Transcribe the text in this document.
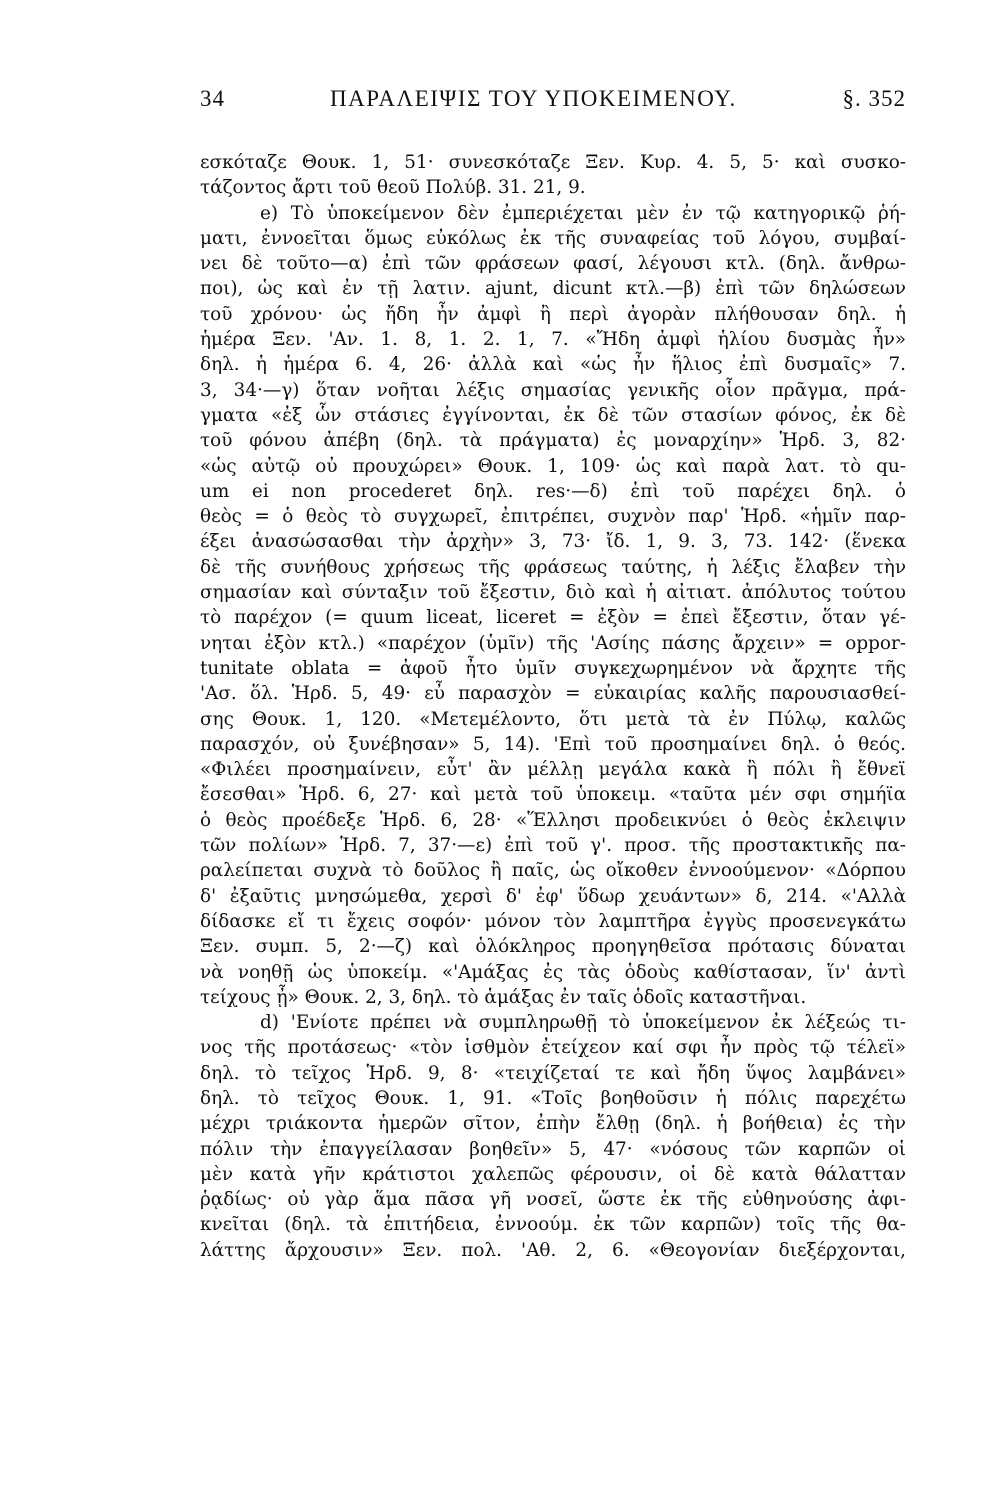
34	ΠΑΡΑΛΕΙΨΙΣ ΤΟΥ ΥΠΟΚΕΙΜΕΝΟΥ.	§. 352
εσκόταζε Θουκ. 1, 51· συνεσκόταζε Ξεν. Κυρ. 4. 5, 5· καὶ συσκο-
τάζοντος ἄρτι τοῦ θεοῦ Πολύβ. 31. 21, 9.
e) Τὸ ὑποκείμενον δὲν ἐμπεριέχεται μὲν ἐν τῷ κατηγορικῷ ῥή-
ματι, ἐννοεῖται ὅμως εὐκόλως ἐκ τῆς συναφείας τοῦ λόγου, συμβαί-
νει δὲ τοῦτο—α) ἐπὶ τῶν φράσεων φασί, λέγουσι κτλ. (δηλ. ἄνθρω-
ποι), ὡς καὶ ἐν τῇ λατιν. ajunt, dicunt κτλ.—β) ἐπὶ τῶν δηλώσεων
τοῦ χρόνου· ὡς ἤδη ἦν ἀμφὶ ἢ περὶ ἀγορὰν πλήθουσαν δηλ. ἡ
ἡμέρα Ξεν. 'Αν. 1. 8, 1. 2. 1, 7. «Ἤδη ἀμφὶ ἡλίου δυσμὰς ἦν»
δηλ. ἡ ἡμέρα 6. 4, 26· ἀλλὰ καὶ «ὡς ἦν ἥλιος ἐπὶ δυσμαῖς» 7.
3, 34·—γ) ὅταν νοῆται λέξις σημασίας γενικῆς οἷον πρᾶγμα, πρά-
γματα «ἐξ ὧν στάσιες ἐγγίνονται, ἐκ δὲ τῶν στασίων φόνος, ἐκ δὲ
τοῦ φόνου ἀπέβη (δηλ. τὰ πράγματα) ἐς μοναρχίην» Ἡρδ. 3, 82·
«ὡς αὐτῷ οὐ προυχώρει» Θουκ. 1, 109· ὡς καὶ παρὰ λατ. τὸ qu-
um ei non procederet δηλ. res·—δ) ἐπὶ τοῦ παρέχει δηλ. ὁ
θεὸς = ὁ θεὸς τὸ συγχωρεῖ, ἐπιτρέπει, συχνὸν παρ' Ἡρδ. «ἡμῖν παρ-
έξει ἀνασώσασθαι τὴν ἀρχὴν» 3, 73· ἴδ. 1, 9. 3, 73. 142· (ἕνεκα
δὲ τῆς συνήθους χρήσεως τῆς φράσεως ταύτης, ἡ λέξις ἔλαβεν τὴν
σημασίαν καὶ σύνταξιν τοῦ ἔξεστιν, διὸ καὶ ἡ αἰτιατ. ἀπόλυτος τούτου
τὸ παρέχον (= quum liceat, liceret = ἐξὸν = ἐπεὶ ἔξεστιν, ὅταν γέ-
νηται ἐξὸν κτλ.) «παρέχον (ὑμῖν) τῆς 'Ασίης πάσης ἄρχειν» = oppor-
tunitate oblata = ἀφοῦ ἦτο ὑμῖν συγκεχωρημένον νὰ ἄρχητε τῆς
'Ασ. ὅλ. Ἡρδ. 5, 49· εὖ παρασχὸν = εὐκαιρίας καλῆς παρουσιασθεί-
σης Θουκ. 1, 120. «Μετεμέλοντο, ὅτι μετὰ τὰ ἐν Πύλῳ, καλῶς
παρασχόν, οὐ ξυνέβησαν» 5, 14). 'Επὶ τοῦ προσημαίνει δηλ. ὁ θεός.
«Φιλέει προσημαίνειν, εὖτ' ἂν μέλλῃ μεγάλα κακὰ ἢ πόλι ἢ ἔθνεϊ
ἔσεσθαι» Ἡρδ. 6, 27· καὶ μετὰ τοῦ ὑποκειμ. «ταῦτα μέν σφι σημήϊα
ὁ θεὸς προέδεξε Ἡρδ. 6, 28· «Ἕλλησι προδεικνύει ὁ θεὸς ἐκλειψιν
τῶν πολίων» Ἡρδ. 7, 37·—ε) ἐπὶ τοῦ γ'. προσ. τῆς προστακτικῆς πα-
ραλείπεται συχνὰ τὸ δοῦλος ἢ παῖς, ὡς οἴκοθεν ἐννοούμενον· «Δόρπου
δ' ἐξαῦτις μνησώμεθα, χερσὶ δ' ἐφ' ὕδωρ χευάντων» δ, 214. «'Αλλὰ
δίδασκε εἴ τι ἔχεις σοφόν· μόνον τὸν λαμπτῆρα ἐγγὺς προσενεγκάτω
Ξεν. συμπ. 5, 2·—ζ) καὶ ὁλόκληρος προηγηθεῖσα πρότασις δύναται
νὰ νοηθῇ ὡς ὑποκείμ. «'Αμάξας ἐς τὰς ὁδοὺς καθίστασαν, ἵν' ἀντὶ
τείχους ᾖ» Θουκ. 2, 3, δηλ. τὸ ἁμάξας ἐν ταῖς ὁδοῖς καταστῆναι.
d) 'Ενίοτε πρέπει νὰ συμπληρωθῇ τὸ ὑποκείμενον ἐκ λέξεώς τι-
νος τῆς προτάσεως· «τὸν ἰσθμὸν ἐτείχεον καί σφι ἦν πρὸς τῷ τέλεϊ»
δηλ. τὸ τεῖχος Ἡρδ. 9, 8· «τειχίζεταί τε καὶ ἤδη ὕψος λαμβάνει»
δηλ. τὸ τεῖχος Θουκ. 1, 91. «Τοῖς βοηθοῦσιν ἡ πόλις παρεχέτω
μέχρι τριάκοντα ἡμερῶν σῖτον, ἐπὴν ἔλθῃ (δηλ. ἡ βοήθεια) ἐς τὴν
πόλιν τὴν ἐπαγγείλασαν βοηθεῖν» 5, 47· «νόσους τῶν καρπῶν οἱ
μὲν κατὰ γῆν κράτιστοι χαλεπῶς φέρουσιν, οἱ δὲ κατὰ θάλατταν
ῥᾳδίως· οὐ γὰρ ἅμα πᾶσα γῆ νοσεῖ, ὥστε ἐκ τῆς εὐθηνούσης ἀφι-
κνεῖται (δηλ. τὰ ἐπιτήδεια, ἐννοούμ. ἐκ τῶν καρπῶν) τοῖς τῆς θα-
λάττης ἄρχουσιν» Ξεν. πολ. 'Αθ. 2, 6. «Θεογονίαν διεξέρχονται,
